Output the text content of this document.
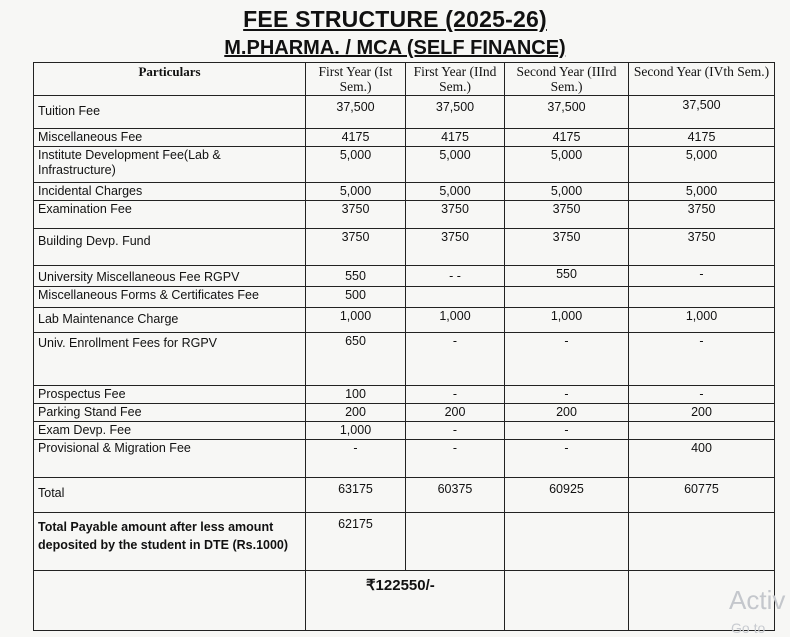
FEE STRUCTURE (2025-26)
M.PHARMA. / MCA (SELF FINANCE)
Particulars	First Year (Ist Sem.)	First Year (IInd Sem.)	Second Year (IIIrd Sem.)	Second Year (IVth Sem.)
Tuition Fee	37,500	37,500	37,500	37,500
Miscellaneous Fee	4175	4175	4175	4175
Institute Development Fee(Lab & Infrastructure)	5,000	5,000	5,000	5,000
Incidental Charges	5,000	5,000	5,000	5,000
Examination Fee	3750	3750	3750	3750
Building Devp. Fund	3750	3750	3750	3750
University Miscellaneous Fee RGPV	550	- -	550	-
Miscellaneous Forms & Certificates Fee	500			
Lab Maintenance Charge	1,000	1,000	1,000	1,000
Univ. Enrollment Fees for RGPV	650	-	-	-
Prospectus Fee	100	-	-	-
Parking Stand Fee	200	200	200	200
Exam Devp. Fee	1,000	-	-	
Provisional & Migration Fee	-	-	-	400
Total	63175	60375	60925	60775
Total Payable amount after less amount deposited by the student in DTE (Rs.1000)	62175			

	₹122550/-			
			Activ
Go to
